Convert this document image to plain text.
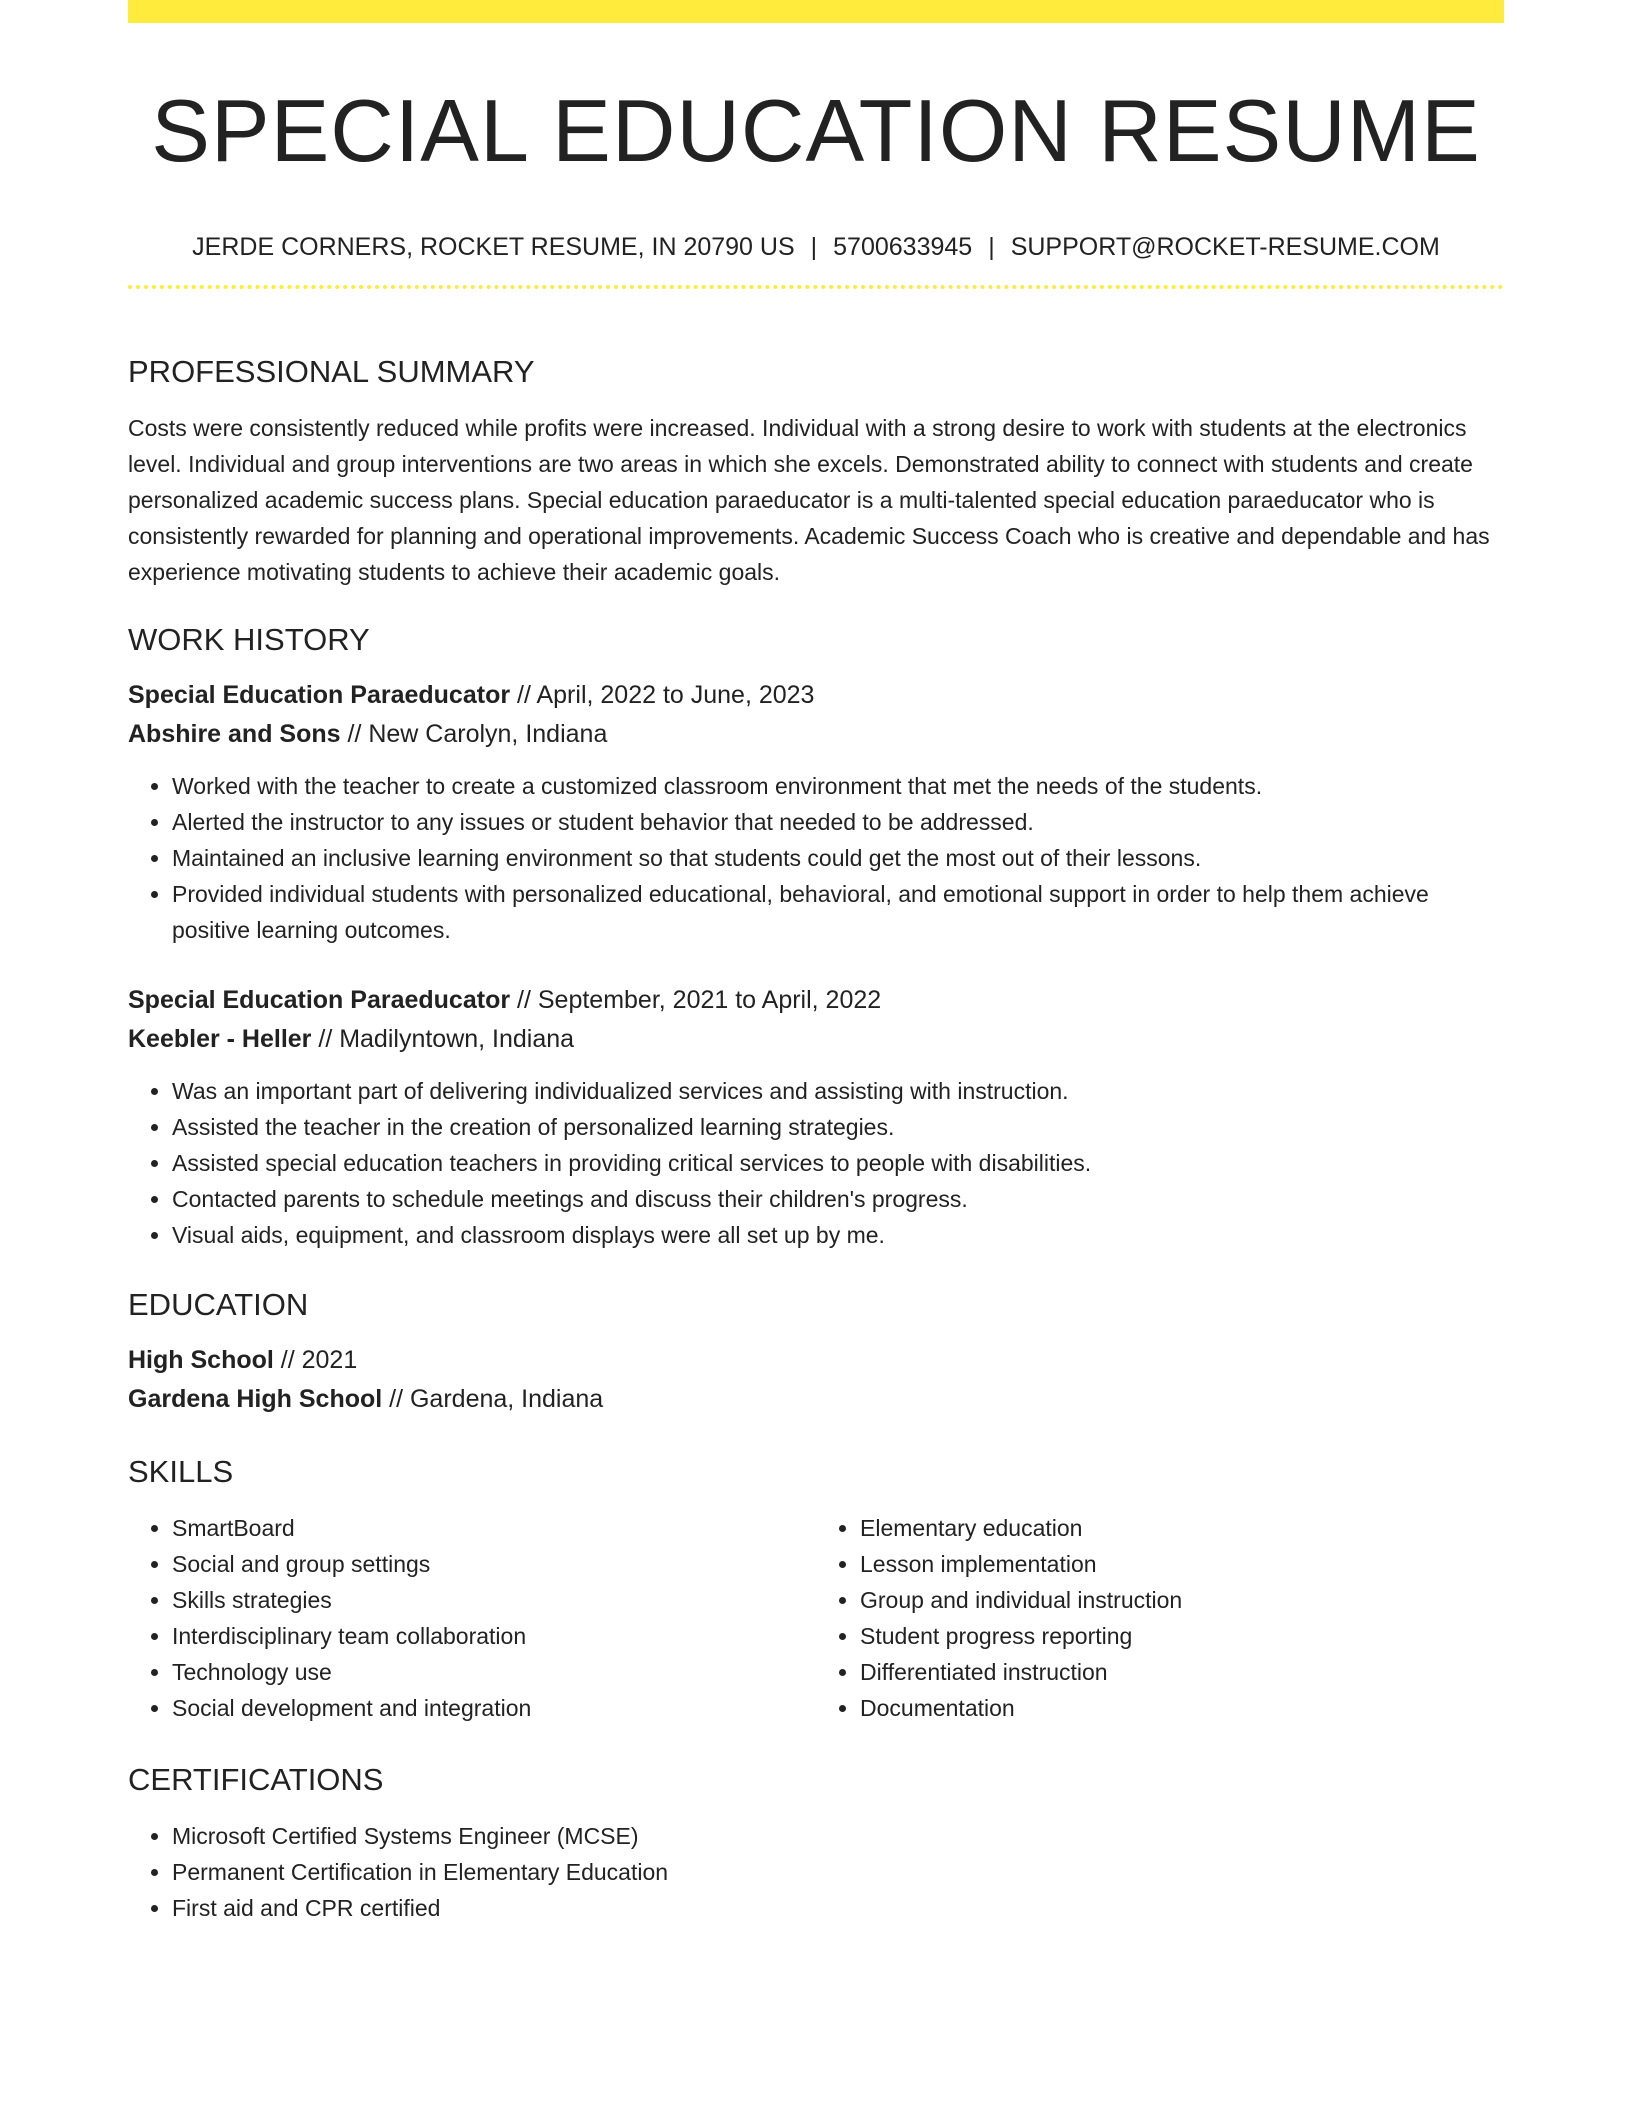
SPECIAL EDUCATION RESUME
JERDE CORNERS, ROCKET RESUME, IN 20790 US | 5700633945 | SUPPORT@ROCKET-RESUME.COM
PROFESSIONAL SUMMARY

Costs were consistently reduced while profits were increased. Individual with a strong desire to work with students at the electronics level. Individual and group interventions are two areas in which she excels. Demonstrated ability to connect with students and create personalized academic success plans. Special education paraeducator is a multi-talented special education paraeducator who is consistently rewarded for planning and operational improvements. Academic Success Coach who is creative and dependable and has experience motivating students to achieve their academic goals.

WORK HISTORY

Special Education Paraeducator // April, 2022 to June, 2023

Abshire and Sons // New Carolyn, Indiana

• Worked with the teacher to create a customized classroom environment that met the needs of the students.
• Alerted the instructor to any issues or student behavior that needed to be addressed.
• Maintained an inclusive learning environment so that students could get the most out of their lessons.
• Provided individual students with personalized educational, behavioral, and emotional support in order to help them achieve positive learning outcomes.

Special Education Paraeducator // September, 2021 to April, 2022

Keebler - Heller // Madilyntown, Indiana

• Was an important part of delivering individualized services and assisting with instruction.
• Assisted the teacher in the creation of personalized learning strategies.
• Assisted special education teachers in providing critical services to people with disabilities.
• Contacted parents to schedule meetings and discuss their children's progress.
• Visual aids, equipment, and classroom displays were all set up by me.
EDUCATION

High School // 2021

Gardena High School // Gardena, Indiana

SKILLS
• SmartBoard
• Social and group settings
• Skills strategies
• Interdisciplinary team collaboration
• Technology use
• Social development and integration
• Elementary education
• Lesson implementation
• Group and individual instruction
• Student progress reporting
• Differentiated instruction
• Documentation
CERTIFICATIONS
• Microsoft Certified Systems Engineer (MCSE)
• Permanent Certification in Elementary Education
• First aid and CPR certified
